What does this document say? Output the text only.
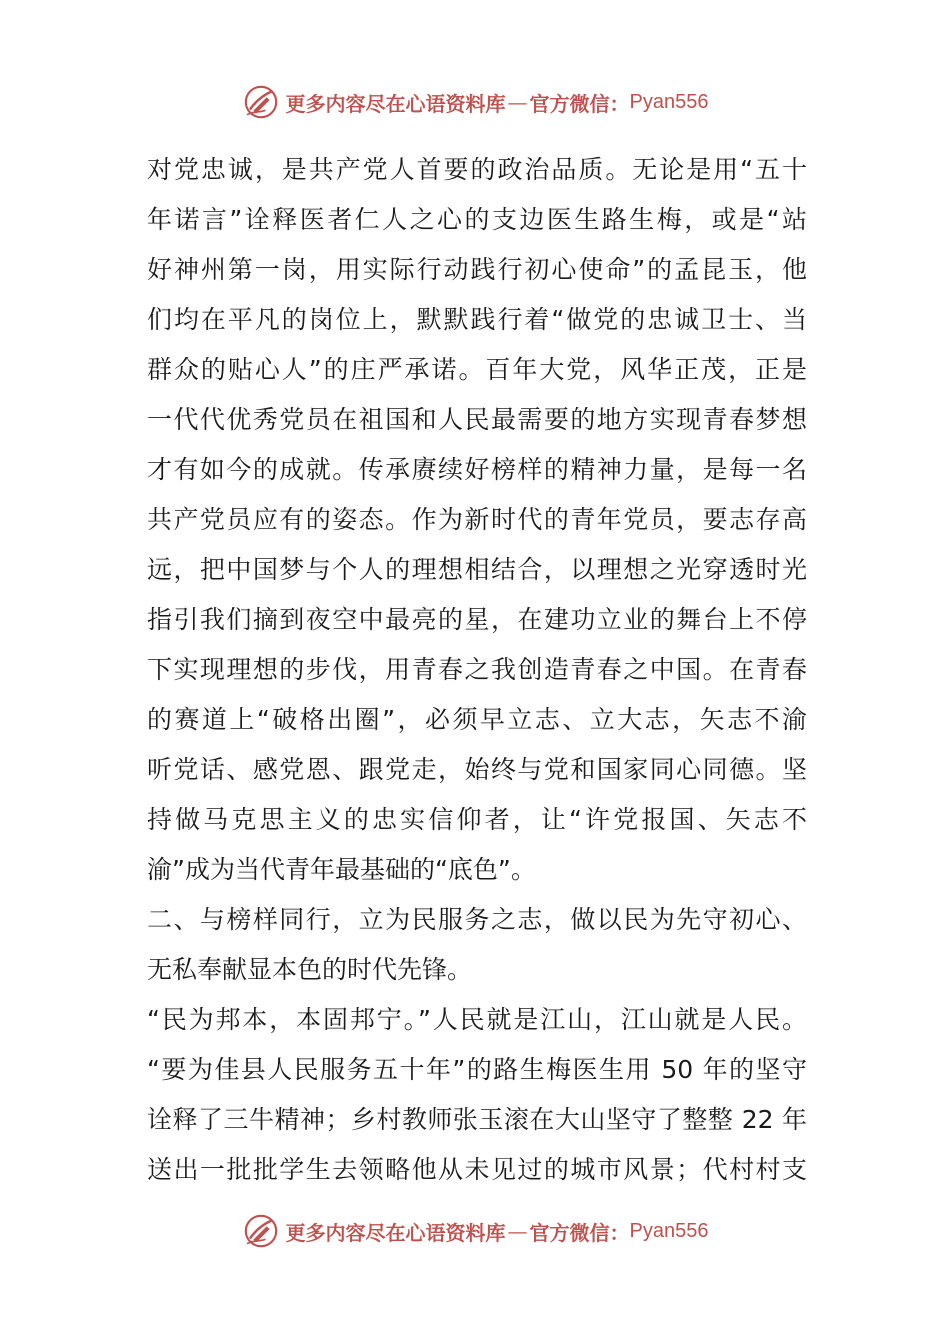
更多内容尽在心语资料库 — 官方微信： Pyan556
对党忠诚，是共产党人首要的政治品质。无论是用“五十
年诺言”诠释医者仁人之心的支边医生路生梅，或是“站
好神州第一岗，用实际行动践行初心使命”的孟昆玉，他
们均在平凡的岗位上，默默践行着“做党的忠诚卫士、当
群众的贴心人”的庄严承诺。百年大党，风华正茂，正是
一代代优秀党员在祖国和人民最需要的地方实现青春梦想
才有如今的成就。传承赓续好榜样的精神力量，是每一名
共产党员应有的姿态。作为新时代的青年党员，要志存高
远，把中国梦与个人的理想相结合，以理想之光穿透时光
指引我们摘到夜空中最亮的星，在建功立业的舞台上不停
下实现理想的步伐，用青春之我创造青春之中国。在青春
的赛道上“破格出圈”，必须早立志、立大志，矢志不渝
听党话、感党恩、跟党走，始终与党和国家同心同德。坚
持做马克思主义的忠实信仰者，让“许党报国、矢志不
渝”成为当代青年最基础的“底色”。
二、与榜样同行，立为民服务之志，做以民为先守初心、
无私奉献显本色的时代先锋。
“民为邦本，本固邦宁。”人民就是江山，江山就是人民。
“要为佳县人民服务五十年”的路生梅医生用 50 年的坚守
诠释了三牛精神；乡村教师张玉滚在大山坚守了整整 22 年
送出一批批学生去领略他从未见过的城市风景；代村村支
更多内容尽在心语资料库 — 官方微信： Pyan556
